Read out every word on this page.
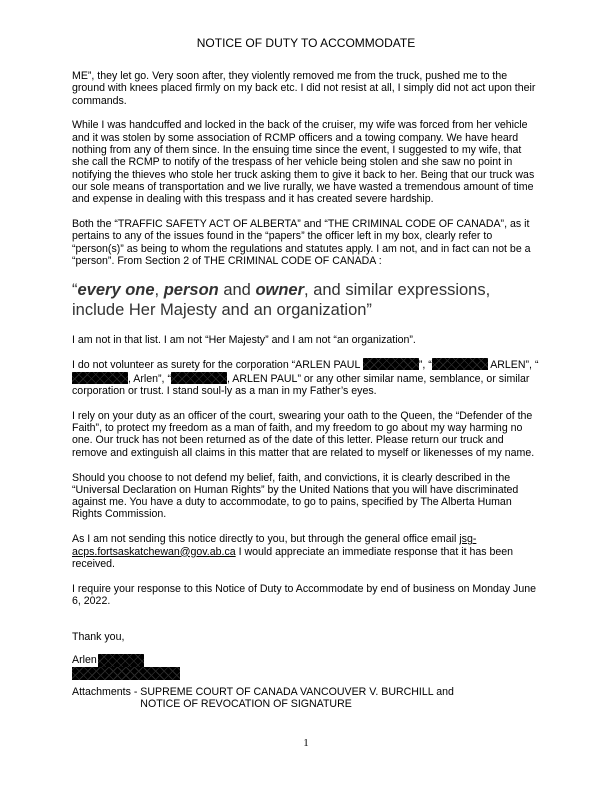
NOTICE OF DUTY TO ACCOMMODATE

ME”, they let go. Very soon after, they violently removed me from the truck, pushed me to the ground with knees placed firmly on my back etc. I did not resist at all, I simply did not act upon their commands.

While I was handcuffed and locked in the back of the cruiser, my wife was forced from her vehicle and it was stolen by some association of RCMP officers and a towing company. We have heard nothing from any of them since. In the ensuing time since the event, I suggested to my wife, that she call the RCMP to notify of the trespass of her vehicle being stolen and she saw no point in notifying the thieves who stole her truck asking them to give it back to her. Being that our truck was our sole means of transportation and we live rurally, we have wasted a tremendous amount of time and expense in dealing with this trespass and it has created severe hardship.

Both the “TRAFFIC SAFETY ACT OF ALBERTA” and “THE CRIMINAL CODE OF CANADA”, as it pertains to any of the issues found in the “papers” the officer left in my box, clearly refer to “person(s)” as being to whom the regulations and statutes apply. I am not, and in fact can not be a “person”. From Section 2 of THE CRIMINAL CODE OF CANADA :

“every one, person and owner, and similar expressions, include Her Majesty and an organization”

I am not in that list. I am not “Her Majesty” and I am not “an organization”.

I do not volunteer as surety for the corporation “ARLEN PAUL	”, “	ARLEN”, “, Arlen”, “	, ARLEN PAUL” or any other similar name, semblance, or similar corporation or trust. I stand soul-ly as a man in my Father’s eyes.

I rely on your duty as an officer of the court, swearing your oath to the Queen, the “Defender of the Faith”, to protect my freedom as a man of faith, and my freedom to go about my way harming no one. Our truck has not been returned as of the date of this letter. Please return our truck and remove and extinguish all claims in this matter that are related to myself or likenesses of my name.

Should you choose to not defend my belief, faith, and convictions, it is clearly described in the “Universal Declaration on Human Rights” by the United Nations that you will have discriminated against me. You have a duty to accommodate, to go to pains, specified by The Alberta Human Rights Commission.

As I am not sending this notice directly to you, but through the general office email jsg-acps.fortsaskatchewan@gov.ab.ca I would appreciate an immediate response that it has been received.

I require your response to this Notice of Duty to Accommodate by end of business on Monday June 6, 2022.

Thank you,

Arlen
Attachments - SUPREME COURT OF CANADA VANCOUVER V. BURCHILL and
NOTICE OF REVOCATION OF SIGNATURE
1
